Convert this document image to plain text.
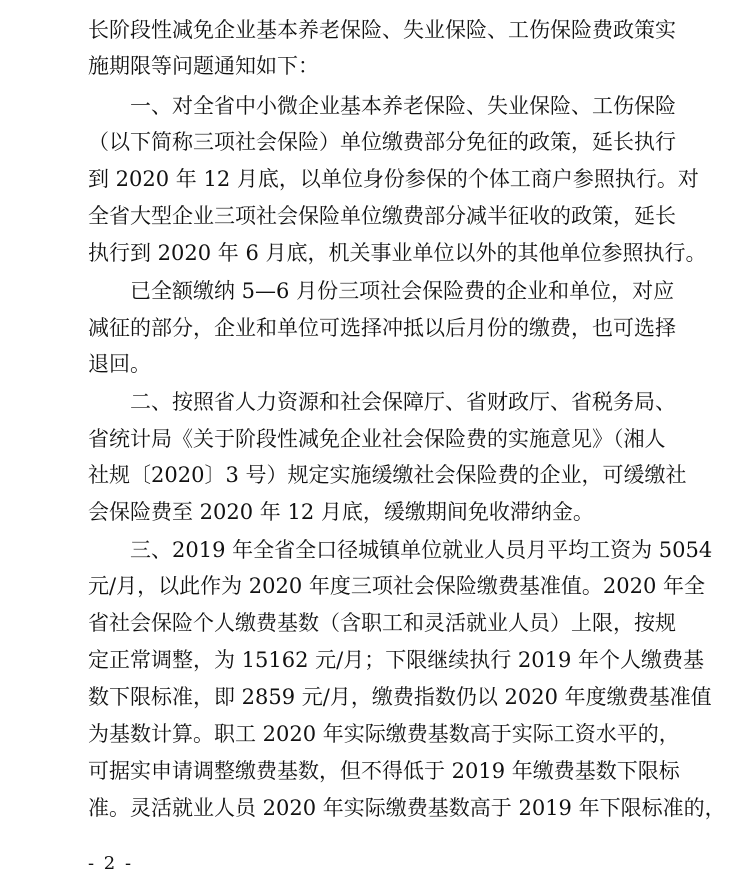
长阶段性减免企业基本养老保险、失业保险、工伤保险费政策实
施期限等问题通知如下：
一、对全省中小微企业基本养老保险、失业保险、工伤保险
（以下简称三项社会保险）单位缴费部分免征的政策，延长执行
到 2020 年 12 月底，以单位身份参保的个体工商户参照执行。对
全省大型企业三项社会保险单位缴费部分减半征收的政策，延长
执行到 2020 年 6 月底，机关事业单位以外的其他单位参照执行。
已全额缴纳 5—6 月份三项社会保险费的企业和单位，对应
减征的部分，企业和单位可选择冲抵以后月份的缴费，也可选择
退回。
二、按照省人力资源和社会保障厅、省财政厅、省税务局、
省统计局《关于阶段性减免企业社会保险费的实施意见》（湘人
社规〔2020〕3 号）规定实施缓缴社会保险费的企业，可缓缴社
会保险费至 2020 年 12 月底，缓缴期间免收滞纳金。
三、2019 年全省全口径城镇单位就业人员月平均工资为 5054
元/月，以此作为 2020 年度三项社会保险缴费基准值。2020 年全
省社会保险个人缴费基数（含职工和灵活就业人员）上限，按规
定正常调整，为 15162 元/月；下限继续执行 2019 年个人缴费基
数下限标准，即 2859 元/月，缴费指数仍以 2020 年度缴费基准值
为基数计算。职工 2020 年实际缴费基数高于实际工资水平的，
可据实申请调整缴费基数，但不得低于 2019 年缴费基数下限标
准。灵活就业人员 2020 年实际缴费基数高于 2019 年下限标准的，
- 2 -
